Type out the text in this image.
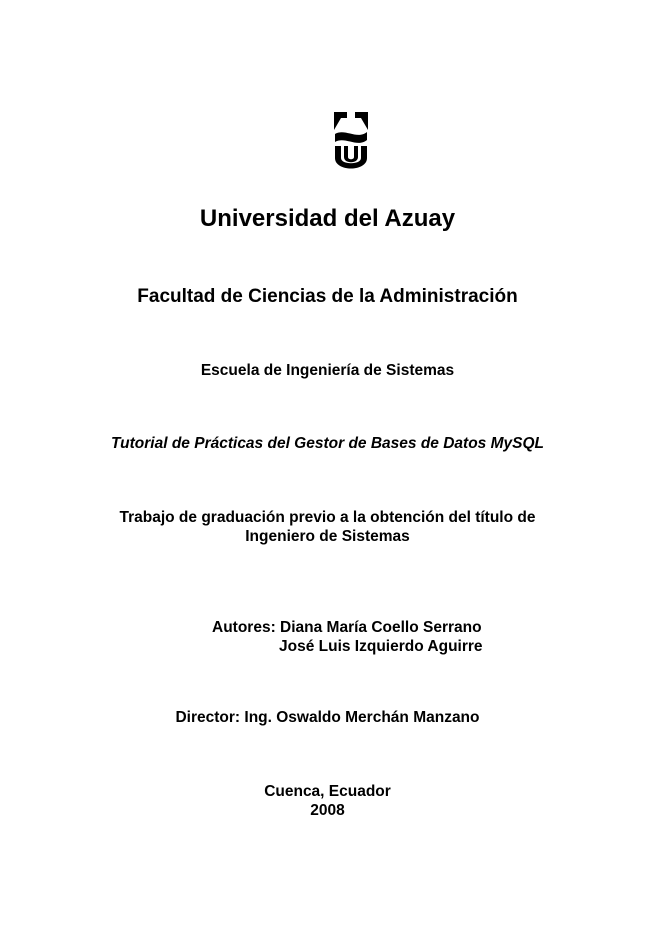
Universidad del Azuay
Facultad de Ciencias de la Administración
Escuela de Ingeniería de Sistemas
Tutorial de Prácticas del Gestor de Bases de Datos MySQL
Trabajo de graduación previo a la obtención del título de
Ingeniero de Sistemas
Autores: Diana María Coello Serrano
José Luis Izquierdo Aguirre
Director: Ing. Oswaldo Merchán Manzano
Cuenca, Ecuador
2008
